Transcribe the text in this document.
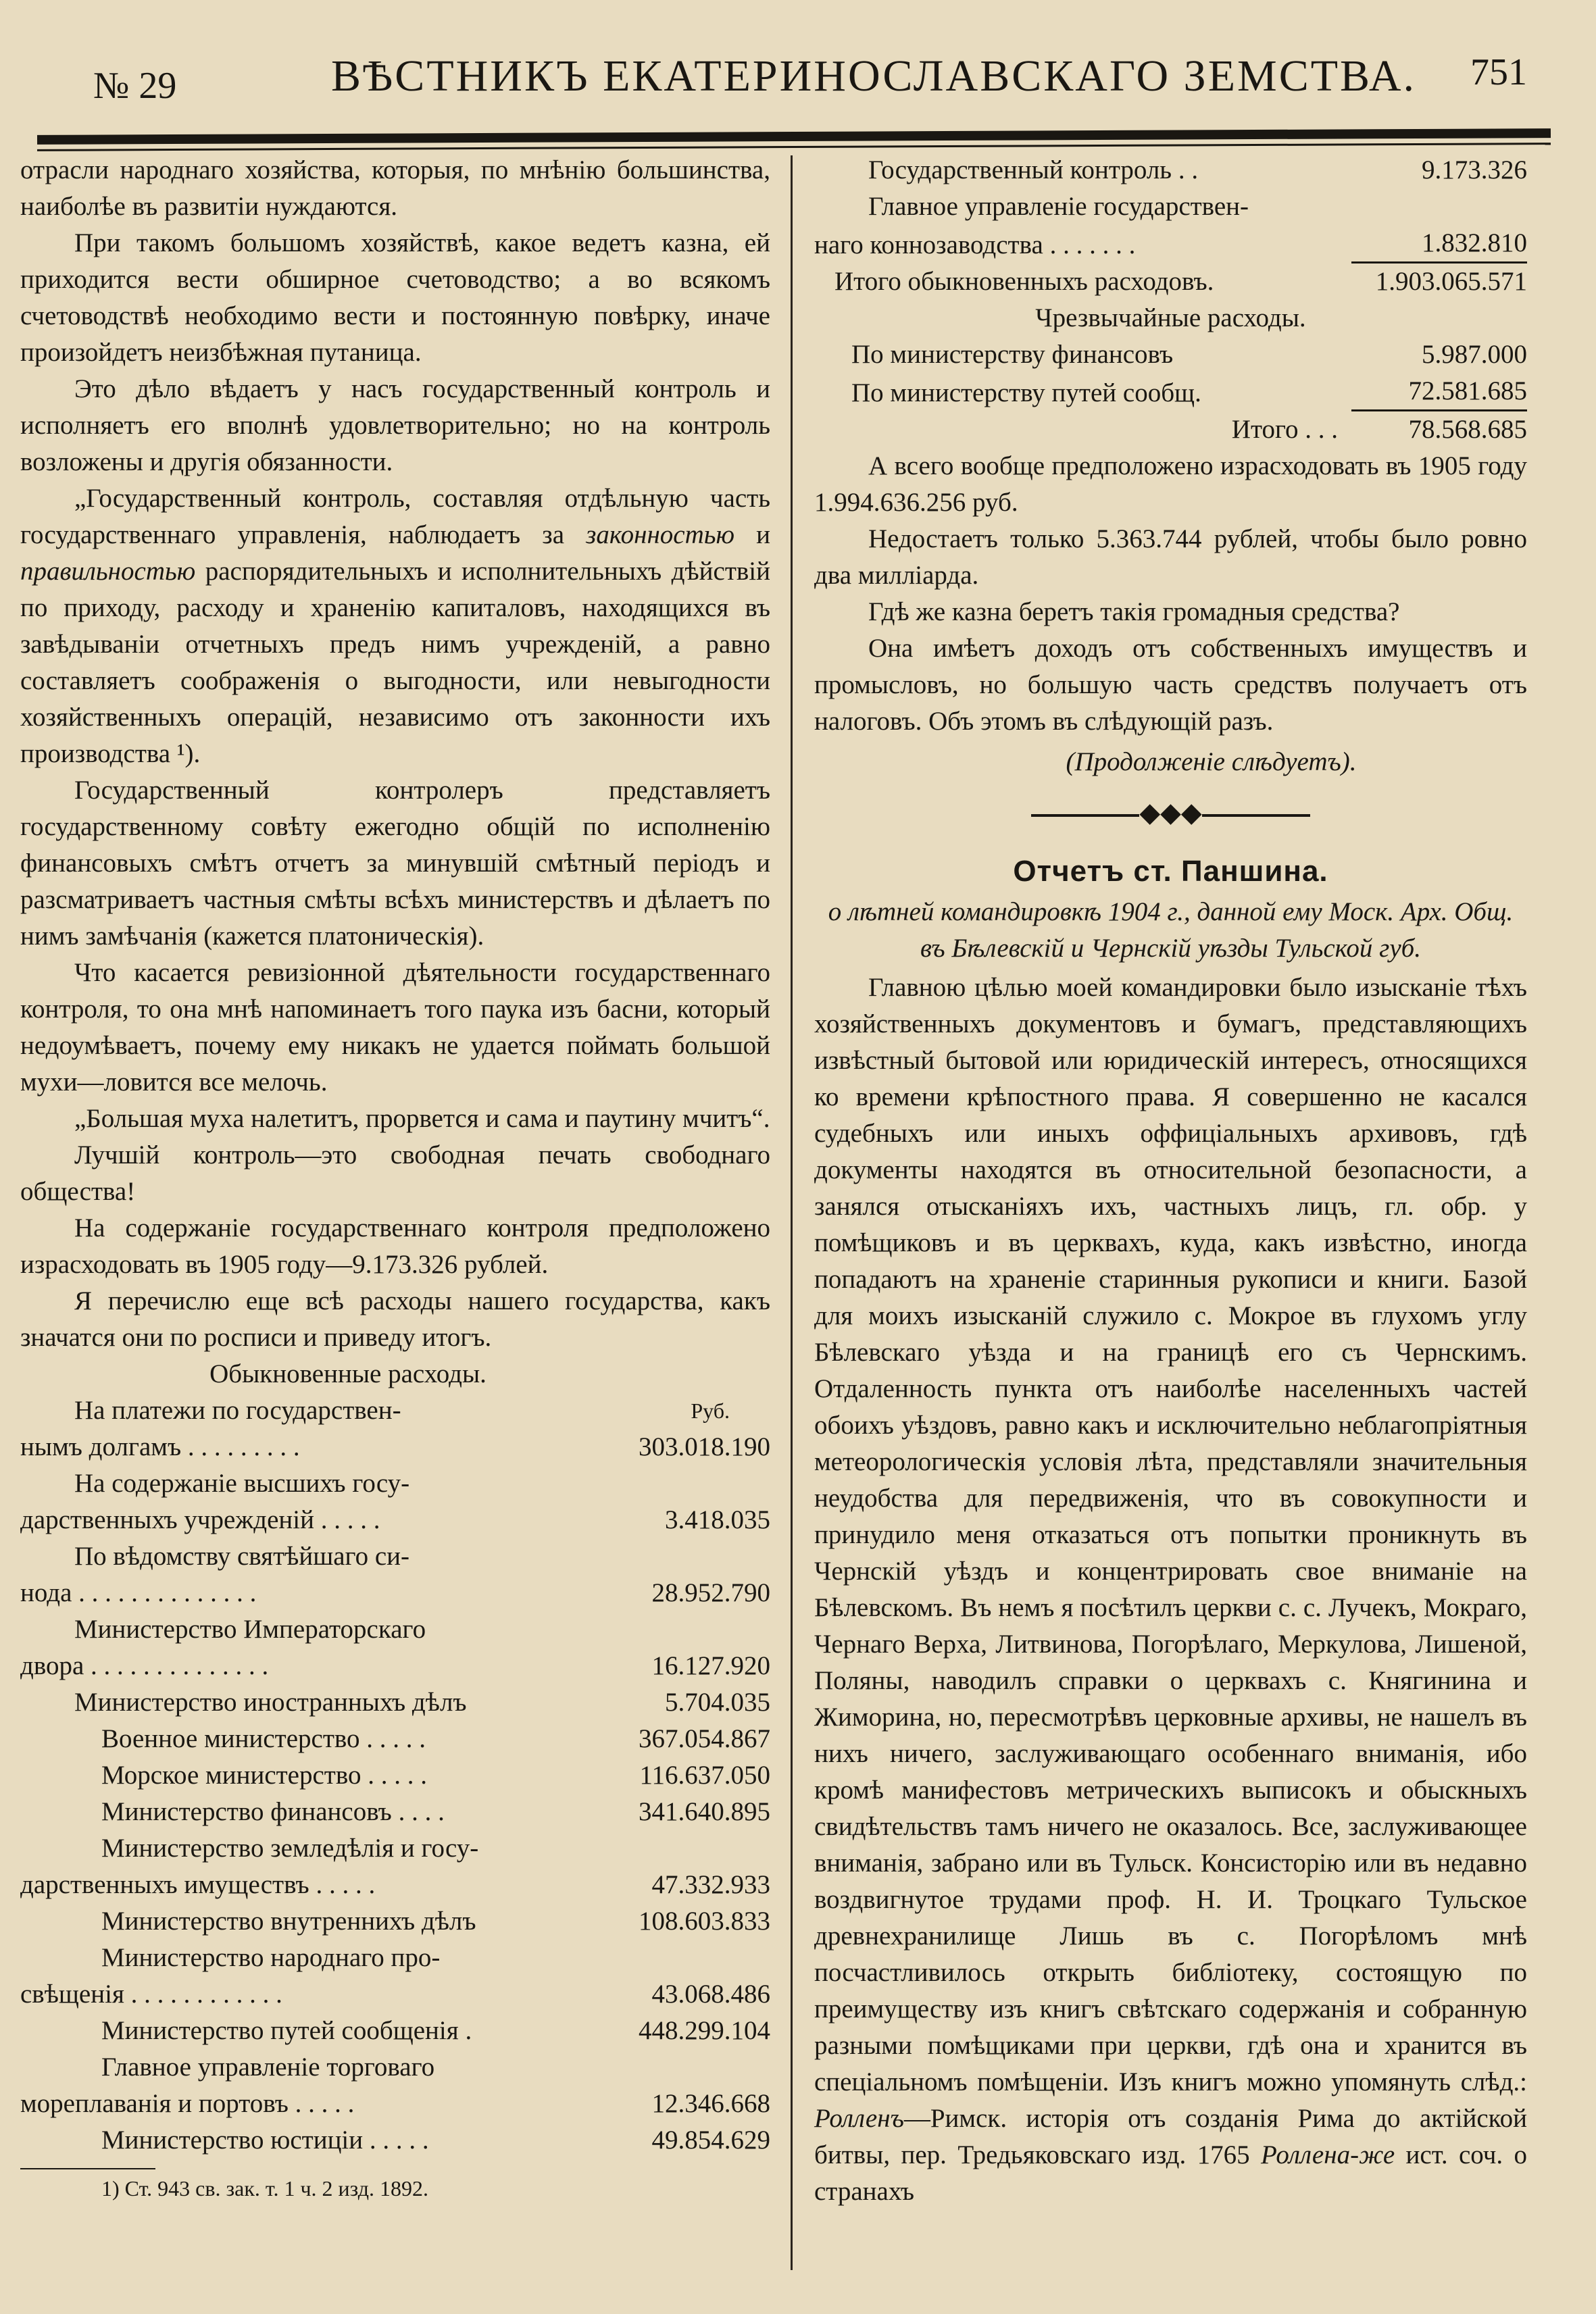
№ 29	ВѢСТНИКЪ ЕКАТЕРИНОСЛАВСКАГО ЗЕМСТВА. 751

отрасли народнаго хозяйства, которыя, по мнѣнію большинства, наиболѣе въ развитіи нуждаются.

При такомъ большомъ хозяйствѣ, какое ведетъ казна, ей приходится вести обширное счетоводство; а во всякомъ счетоводствѣ необходимо вести и постоянную повѣрку, иначе произойдетъ неизбѣжная путаница.

Это дѣло вѣдаетъ у насъ государственный контроль и исполняетъ его вполнѣ удовлетворительно; но на контроль возложены и другія обязанности.

„Государственный контроль, составляя отдѣльную часть государственнаго управленія, наблюдаетъ за законностью и правильностью распорядительныхъ и исполнительныхъ дѣйствій по приходу, расходу и храненію капиталовъ, находящихся въ завѣдываніи отчетныхъ предъ нимъ учрежденій, а равно составляетъ соображенія о выгодности, или невыгодности хозяйственныхъ операцій, независимо отъ законности ихъ производства ¹).

Государственный контролеръ представляетъ государственному совѣту ежегодно общій по исполненію финансовыхъ смѣтъ отчетъ за минувшій смѣтный періодъ и разсматриваетъ частныя смѣты всѣхъ министерствъ и дѣлаетъ по нимъ замѣчанія (кажется платоническія).

Что касается ревизіонной дѣятельности государственнаго контроля, то она мнѣ напоминаетъ того паука изъ басни, который недоумѣваетъ, почему ему никакъ не удается поймать большой мухи—ловится все мелочь.

„Большая муха налетитъ, прорвется и сама и паутину мчитъ“.

Лучшій контроль—это свободная печать свободнаго общества!

На содержаніе государственнаго контроля предположено израсходовать въ 1905 году—9.173.326 рублей.

Я перечислю еще всѣ расходы нашего государства, какъ значатся они по росписи и приведу итогъ.

Обыкновенные расходы.

На платежи по государствен-	Руб.
нымъ долгамъ . . . . . . . . .	303.018.190
На содержаніе высшихъ госу-
дарственныхъ учрежденій . . . . .	3.418.035
По вѣдомству святѣйшаго си-
нода . . . . . . . . . . . . . .	28.952.790
Министерство Императорскаго
двора . . . . . . . . . . . . . .	16.127.920
Министерство иностранныхъ дѣлъ	5.704.035
Военное министерство . . . . .	367.054.867
Морское министерство . . . . .	116.637.050
Министерство финансовъ . . . .	341.640.895
Министерство земледѣлія и госу-
дарственныхъ имуществъ . . . . .	47.332.933
Министерство внутреннихъ дѣлъ	108.603.833
Министерство народнаго про-
свѣщенія . . . . . . . . . . . .	43.068.486
Министерство путей сообщенія .	448.299.104
Главное управленіе торговаго
мореплаванія и портовъ . . . . .	12.346.668
Министерство юстиціи . . . . .	49.854.629

1) Ст. 943 св. зак. т. 1 ч. 2 изд. 1892.

Государственный контроль . .	9.173.326
Главное управленіе государствен-
наго коннозаводства . . . . . . .	1.832.810
Итого обыкновенныхъ расходовъ.	1.903.065.571

Чрезвычайные расходы.

По министерству финансовъ	5.987.000
По министерству путей сообщ.	72.581.685
Итого . . .	78.568.685

А всего вообще предположено израсходовать въ 1905 году 1.994.636.256 руб.

Недостаетъ только 5.363.744 рублей, чтобы было ровно два милліарда.

Гдѣ же казна беретъ такія громадныя средства?

Она имѣетъ доходъ отъ собственныхъ имуществъ и промысловъ, но большую часть средствъ получаетъ отъ налоговъ. Объ этомъ въ слѣдующій разъ.

(Продолженіе слѣдуетъ).

◆◆◆

Отчетъ ст. Паншина.

о лѣтней командировкѣ 1904 г., данной ему Моск. Арх. Общ. въ Бѣлевскій и Чернскій уѣзды Тульской губ.

Главною цѣлью моей командировки было изысканіе тѣхъ хозяйственныхъ документовъ и бумагъ, представляющихъ извѣстный бытовой или юридическій интересъ, относящихся ко времени крѣпостного права. Я совершенно не касался судебныхъ или иныхъ оффиціальныхъ архивовъ, гдѣ документы находятся въ относительной безопасности, а занялся отысканіяхъ ихъ, частныхъ лицъ, гл. обр. у помѣщиковъ и въ церквахъ, куда, какъ извѣстно, иногда попадаютъ на храненіе старинныя рукописи и книги. Базой для моихъ изысканій служило с. Мокрое въ глухомъ углу Бѣлевскаго уѣзда и на границѣ его съ Чернскимъ. Отдаленность пункта отъ наиболѣе населенныхъ частей обоихъ уѣздовъ, равно какъ и исключительно неблагопріятныя метеорологическія условія лѣта, представляли значительныя неудобства для передвиженія, что въ совокупности и принудило меня отказаться отъ попытки проникнуть въ Чернскій уѣздъ и концентрировать свое вниманіе на Бѣлевскомъ. Въ немъ я посѣтилъ церкви с. с. Лучекъ, Мокраго, Чернаго Верха, Литвинова, Погорѣлаго, Меркулова, Лишеной, Поляны, наводилъ справки о церквахъ с. Княгинина и Жиморина, но, пересмотрѣвъ церковные архивы, не нашелъ въ нихъ ничего, заслуживающаго особеннаго вниманія, ибо кромѣ манифестовъ метрическихъ выписокъ и обыскныхъ свидѣтельствъ тамъ ничего не оказалось. Все, заслуживающее вниманія, забрано или въ Тульск. Консисторію или въ недавно воздвигнутое трудами проф. Н. И. Троцкаго Тульское древнехранилище Лишь въ с. Погорѣломъ мнѣ посчастливилось открыть библіотеку, состоящую по преимуществу изъ книгъ свѣтскаго содержанія и собранную разными помѣщиками при церкви, гдѣ она и хранится въ спеціальномъ помѣщеніи. Изъ книгъ можно упомянуть слѣд.: Ролленъ—Римск. исторія отъ созданія Рима до актійской битвы, пер. Тредьяковскаго изд. 1765 Роллена-же ист. соч. о странахъ
